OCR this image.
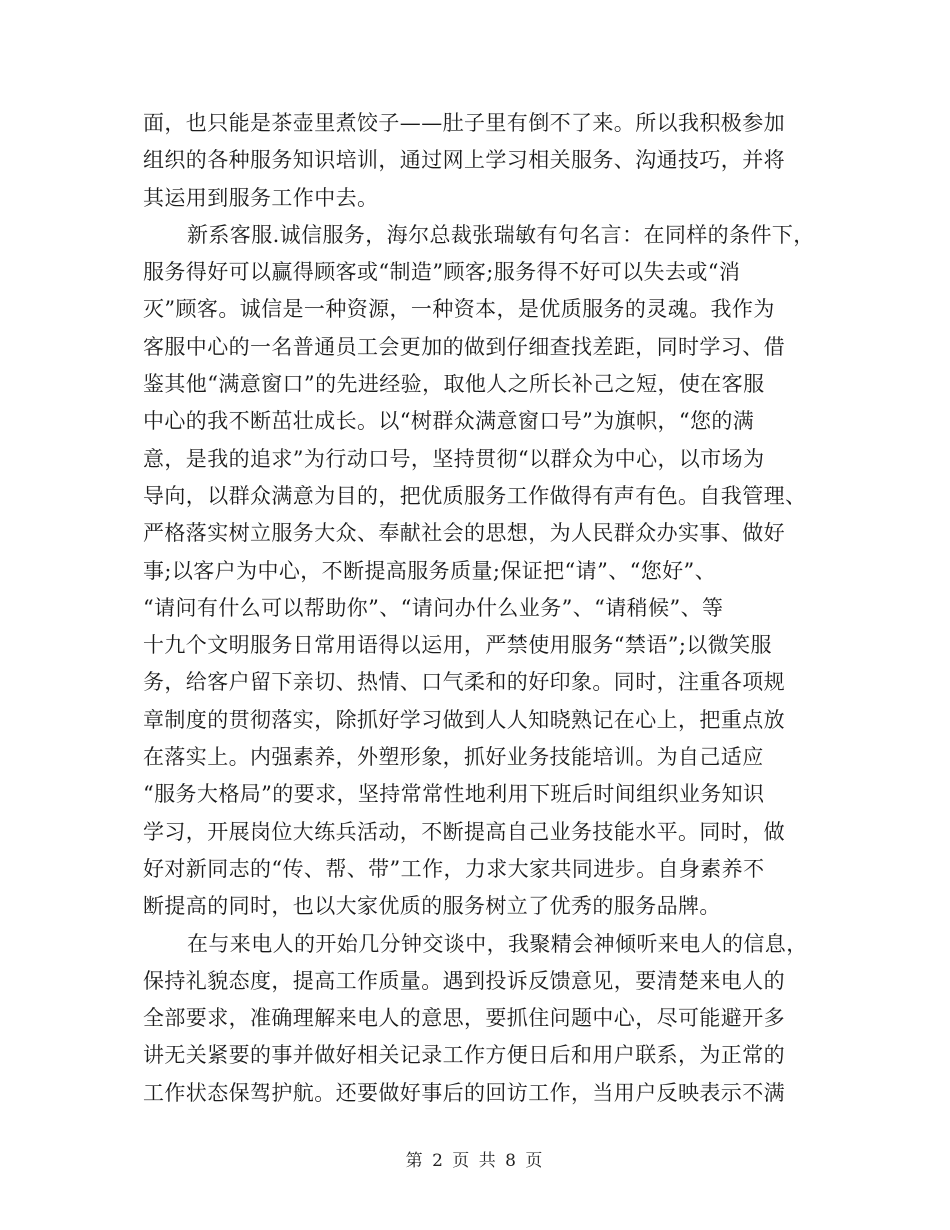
面，也只能是茶壶里煮饺子——肚子里有倒不了来。所以我积极参加
组织的各种服务知识培训，通过网上学习相关服务、沟通技巧，并将
其运用到服务工作中去。
新系客服.诚信服务，海尔总裁张瑞敏有句名言：在同样的条件下，
服务得好可以赢得顾客或“制造”顾客;服务得不好可以失去或“消
灭”顾客。诚信是一种资源，一种资本，是优质服务的灵魂。我作为
客服中心的一名普通员工会更加的做到仔细查找差距，同时学习、借
鉴其他“满意窗口”的先进经验，取他人之所长补己之短，使在客服
中心的我不断茁壮成长。以“树群众满意窗口号”为旗帜，“您的满
意，是我的追求”为行动口号，坚持贯彻“以群众为中心，以市场为
导向，以群众满意为目的，把优质服务工作做得有声有色。自我管理、
严格落实树立服务大众、奉献社会的思想，为人民群众办实事、做好
事;以客户为中心，不断提高服务质量;保证把“请”、“您好”、
“请问有什么可以帮助你”、“请问办什么业务”、“请稍候”、等
十九个文明服务日常用语得以运用，严禁使用服务“禁语”;以微笑服
务，给客户留下亲切、热情、口气柔和的好印象。同时，注重各项规
章制度的贯彻落实，除抓好学习做到人人知晓熟记在心上，把重点放
在落实上。内强素养，外塑形象，抓好业务技能培训。为自己适应
“服务大格局”的要求，坚持常常性地利用下班后时间组织业务知识
学习，开展岗位大练兵活动，不断提高自己业务技能水平。同时，做
好对新同志的“传、帮、带”工作，力求大家共同进步。自身素养不
断提高的同时，也以大家优质的服务树立了优秀的服务品牌。
在与来电人的开始几分钟交谈中，我聚精会神倾听来电人的信息，
保持礼貌态度，提高工作质量。遇到投诉反馈意见，要清楚来电人的
全部要求，准确理解来电人的意思，要抓住问题中心，尽可能避开多
讲无关紧要的事并做好相关记录工作方便日后和用户联系，为正常的
工作状态保驾护航。还要做好事后的回访工作，当用户反映表示不满
第 2 页 共 8 页
